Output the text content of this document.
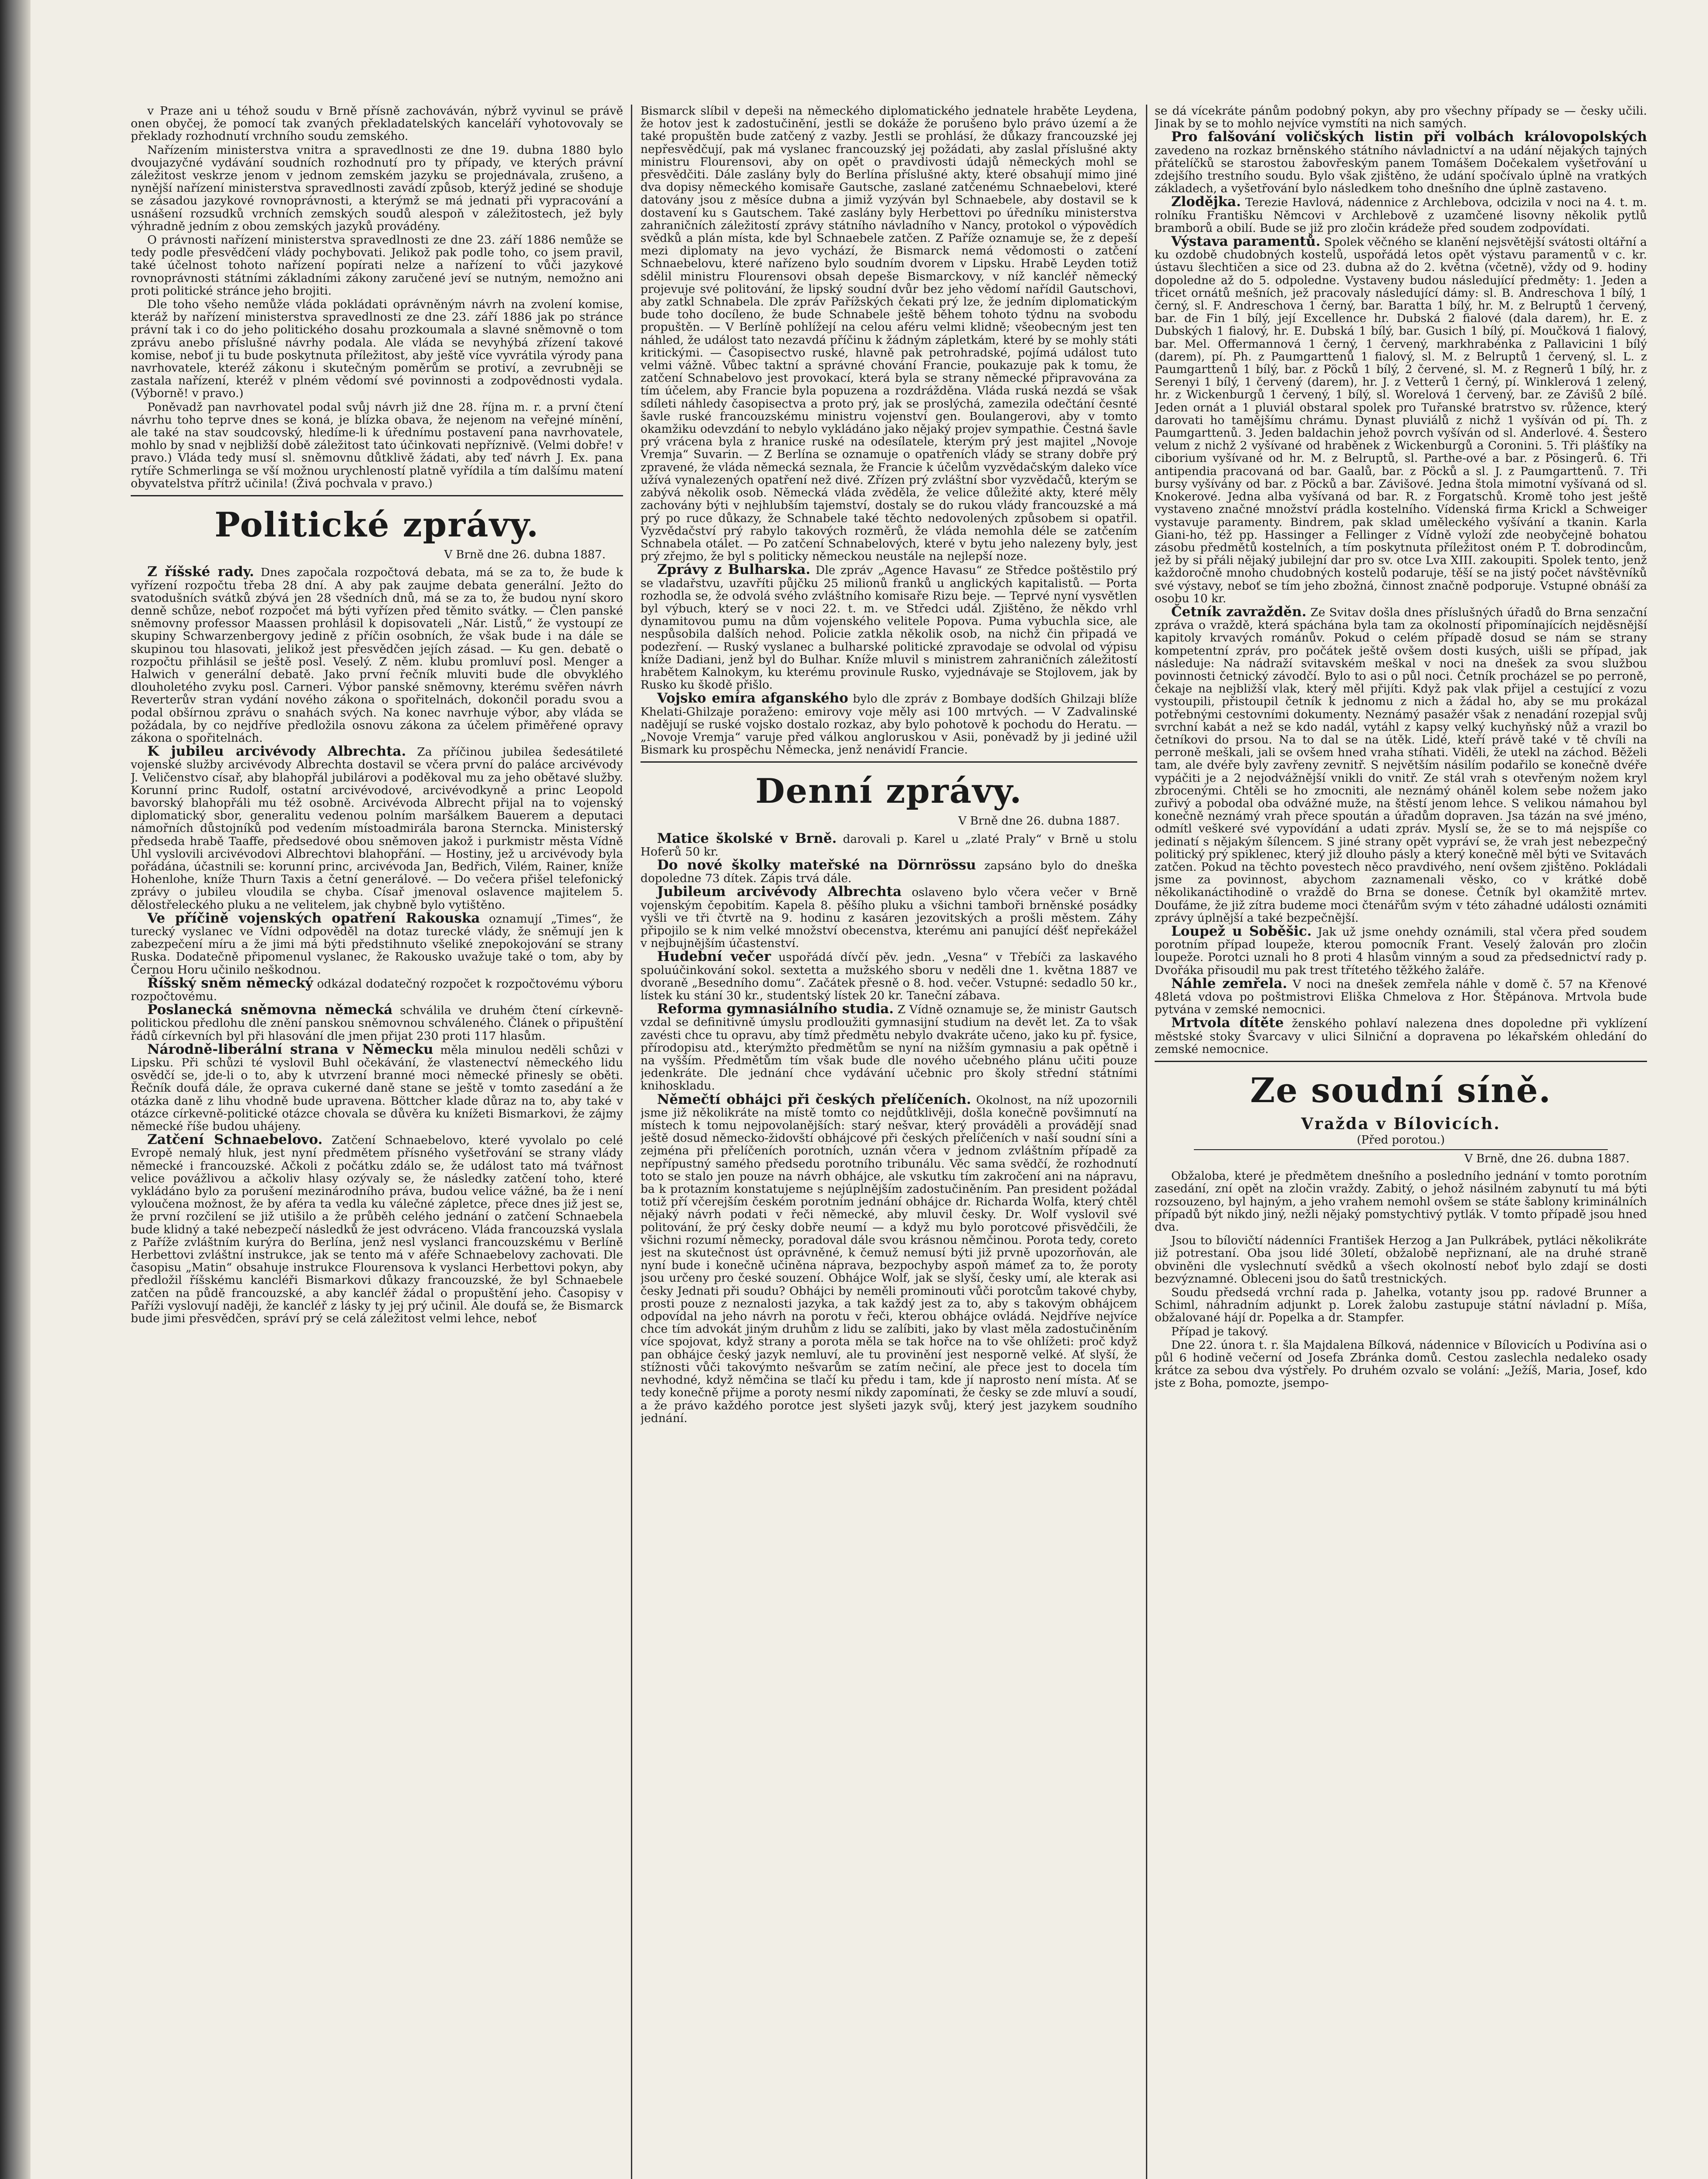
v Praze ani u téhož soudu v Brně přísně zachováván, nýbrž vyvinul se právě onen obyčej, že pomocí tak zvaných překladatelských kanceláří vyhotovovaly se překlady rozhodnutí vrchního soudu zemského.

Nařízením ministerstva vnitra a spravedlnosti ze dne 19. dubna 1880 bylo dvoujazyčné vydávání soudních rozhodnutí pro ty případy, ve kterých právní záležitost veskrze jenom v jednom zemském jazyku se projednávala, zrušeno, a nynější nařízení ministerstva spravedlnosti zavádí způsob, kterýž jediné se shoduje se zásadou jazykové rovnoprávnosti, a kterýmž se má jednati při vypracování a usnášení rozsudků vrchních zemských soudů alespoň v záležitostech, jež byly výhradně jedním z obou zemských jazyků provádény.

O právnosti nařízení ministerstva spravedlnosti ze dne 23. září 1886 nemůže se tedy podle přesvědčení vlády pochybovati. Jelikož pak podle toho, co jsem pravil, také účelnost tohoto nařízení popírati nelze a nařízení to vůči jazykové rovnoprávnosti státními základními zákony zaručené jeví se nutným, nemožno ani proti politické stránce jeho brojiti.

Dle toho všeho nemůže vláda pokládati oprávněným návrh na zvolení komise, kteráž by nařízení ministerstva spravedlnosti ze dne 23. září 1886 jak po stránce právní tak i co do jeho politického dosahu prozkoumala a slavné sněmovně o tom zprávu anebo příslušné návrhy podala. Ale vláda se nevyhýbá zřízení takové komise, neboť ji tu bude poskytnuta příležitost, aby ještě více vyvrátila výrody pana navrhovatele, kteréž zákonu i skutečným poměrům se protiví, a zevrubněji se zastala nařízení, kteréž v plném vědomí své povinnosti a zodpovědnosti vydala. (Výborně! v pravo.)

Poněvadž pan navrhovatel podal svůj návrh již dne 28. října m. r. a první čtení návrhu toho teprve dnes se koná, je blízka obava, že nejenom na veřejné mínění, ale také na stav soudcovský, hledíme-li k úřednímu postavení pana navrhovatele, mohlo by snad v nejbližší době záležitost tato účinkovati nepříznivě. (Velmi dobře! v pravo.) Vláda tedy musí sl. sněmovnu důtklivě žádati, aby teď návrh J. Ex. pana rytíře Schmerlinga se vší možnou urychleností platně vyřídila a tím dalšímu matení obyvatelstva přítrž učinila! (Živá pochvala v pravo.)

Politické zprávy.
V Brně dne 26. dubna 1887.

Z říšské rady. Dnes započala rozpočtová debata, má se za to, že bude k vyřízení rozpočtu třeba 28 dní. A aby pak zaujme debata generální. Ježto do svatodušních svátků zbývá jen 28 všedních dnů, má se za to, že budou nyní skoro denně schůze, neboť rozpočet má býti vyřízen před těmito svátky. — Člen panské sněmovny professor Maassen prohlásil k dopisovateli „Nár. Listů,“ že vystoupí ze skupiny Schwarzenbergovy jedině z příčin osobních, že však bude i na dále se skupinou tou hlasovati, jelikož jest přesvědčen jejích zásad. — Ku gen. debatě o rozpočtu přihlásil se ještě posl. Veselý. Z něm. klubu promluví posl. Menger a Halwich v generální debatě. Jako první řečník mluviti bude dle obvyklého dlouholetého zvyku posl. Carneri. Výbor panské sněmovny, kterému svěřen návrh Reverterův stran vydání nového zákona o spořitelnách, dokončil poradu svou a podal obšírnou zprávu o snahách svých. Na konec navrhuje výbor, aby vláda se požádala, by co nejdříve předložila osnovu zákona za účelem přiměřené opravy zákona o spořitelnách.

K jubileu arcivévody Albrechta. Za příčinou jubilea šedesátileté vojenské služby arcivévody Albrechta dostavil se včera první do paláce arcivévody J. Veličenstvo císař, aby blahopřál jubilárovi a poděkoval mu za jeho obětavé služby. Korunní princ Rudolf, ostatní arcivévodové, arcivévodkyně a princ Leopold bavorský blahopřáli mu též osobně. Arcivévoda Albrecht přijal na to vojenský diplomatický sbor, generalitu vedenou polním maršálkem Bauerem a deputaci námořních důstojníků pod vedením místoadmirála barona Sterncka. Ministerský předseda hrabě Taaffe, předsedové obou sněmoven jakož i purkmistr města Vídně Uhl vyslovili arcivévodovi Albrechtovi blahopřání. — Hostiny, jež u arcivévody byla pořádána, účastnili se: korunní princ, arcivévoda Jan, Bedřich, Vilém, Rainer, kníže Hohenlohe, kníže Thurn Taxis a četní generálové. — Do večera přišel telefonický zprávy o jubileu vloudila se chyba. Císař jmenoval oslavence majitelem 5. dělostřeleckého pluku a ne velitelem, jak chybně bylo vytištěno.

Ve příčině vojenských opatření Rakouska oznamují „Times“, že turecký vyslanec ve Vídni odpověděl na dotaz turecké vlády, že sněmují jen k zabezpečení míru a že jimi má býti předstihnuto všeliké znepokojování se strany Ruska. Dodatečně připomenul vyslanec, že Rakousko uvažuje také o tom, aby by Černou Horu učinilo neškodnou.

Říšský sněm německý odkázal dodatečný rozpočet k rozpočtovému výboru rozpočtovému.

Poslanecká sněmovna německá schválila ve druhém čtení církevně-politickou předlohu dle znění panskou sněmovnou schváleného. Článek o připuštění řádů církevních byl při hlasování dle jmen přijat 230 proti 117 hlasům.

Národně-liberální strana v Německu měla minulou neděli schůzi v Lipsku. Při schůzi té vyslovil Buhl očekávání, že vlastenectví německého lidu osvědčí se, jde-li o to, aby k utvrzení branné moci německé přinesly se oběti. Řečník doufá dále, že oprava cukerné daně stane se ještě v tomto zasedání a že otázka daně z lihu vhodně bude upravena. Böttcher klade důraz na to, aby také v otázce církevně-politické otázce chovala se důvěra ku knížeti Bismarkovi, že zájmy německé říše budou uhájeny.

Zatčení Schnaebelovo. Zatčení Schnaebelovo, které vyvolalo po celé Evropě nemalý hluk, jest nyní předmětem přísného vyšetřování se strany vlády německé i francouzské. Ačkoli z počátku zdálo se, že událost tato má tvářnost velice povážlivou a ačkoliv hlasy ozývaly se, že následky zatčení toho, které vykládáno bylo za porušení mezinárodního práva, budou velice vážné, ba že i není vyloučena možnost, že by aféra ta vedla ku válečné zápletce, přece dnes již jest se, že první rozčilení se již utišilo a že průběh celého jednání o zatčení Schnaebela bude klidný a také nebezpečí následků že jest odvráceno. Vláda francouzská vyslala z Paříže zvláštním kurýra do Berlína, jenž nesl vyslanci francouzskému v Berlíně Herbettovi zvláštní instrukce, jak se tento má v aféře Schnaebelovy zachovati. Dle časopisu „Matin“ obsahuje instrukce Flourensova k vyslanci Herbettovi pokyn, aby předložil říšskému kancléři Bismarkovi důkazy francouzské, že byl Schnaebele zatčen na půdě francouzské, a aby kancléř žádal o propuštění jeho. Časopisy v Paříži vyslovují naději, že kancléř z lásky ty jej prý učinil. Ale doufá se, že Bismarck bude jimi přesvědčen, správí prý se celá záležitost velmi lehce, neboť

Bismarck slíbil v depeši na německého diplomatického jednatele hraběte Leydena, že hotov jest k zadostučinění, jestli se dokáže že porušeno bylo právo území a že také propuštěn bude zatčený z vazby. Jestli se prohlásí, že důkazy francouzské jej nepřesvědčují, pak má vyslanec francouzský jej požádati, aby zaslal příslušné akty ministru Flourensovi, aby on opět o pravdivosti údajů německých mohl se přesvědčiti. Dále zaslány byly do Berlína příslušné akty, které obsahují mimo jiné dva dopisy německého komisaře Gautsche, zaslané zatčenému Schnaebelovi, které datovány jsou z měsíce dubna a jimiž vyzýván byl Schnaebele, aby dostavil se k dostavení ku s Gautschem. Také zaslány byly Herbettovi po úředníku ministerstva zahraničních záležitostí zprávy státního návladního v Nancy, protokol o výpovědích svědků a plán místa, kde byl Schnaebele zatčen. Z Paříže oznamuje se, že z depeší mezi diplomaty na jevo vychází, že Bismarck nemá vědomosti o zatčení Schnaebelovu, které nařízeno bylo soudním dvorem v Lipsku. Hrabě Leyden totiž sdělil ministru Flourensovi obsah depeše Bismarckovy, v níž kancléř německý projevuje své politování, že lipský soudní dvůr bez jeho vědomí nařídil Gautschovi, aby zatkl Schnabela. Dle zpráv Pařížských čekati prý lze, že jedním diplomatickým bude toho docíleno, že bude Schnabele ještě během tohoto týdnu na svobodu propuštěn. — V Berlíně pohlížejí na celou aféru velmi klidně; všeobecným jest ten náhled, že událost tato nezavdá příčinu k žádným zápletkám, které by se mohly státi kritickými. — Časopisectvo ruské, hlavně pak petrohradské, pojímá událost tuto velmi vážně. Vůbec taktní a správné chování Francie, poukazuje pak k tomu, že zatčení Schnabelovo jest provokací, která byla se strany německé připravována za tím účelem, aby Francie byla popuzena a rozdrážděna. Vláda ruská nezdá se však sdíleti náhledy časopisectva a proto prý, jak se proslýchá, zamezila odečtání česnté šavle ruské francouzskému ministru vojenství gen. Boulangerovi, aby v tomto okamžiku odevzdání to nebylo vykládáno jako nějaký projev sympathie. Čestná šavle prý vrácena byla z hranice ruské na odesílatele, kterým prý jest majitel „Novoje Vremja“ Suvarin. — Z Berlína se oznamuje o opatřeních vlády se strany dobře prý zpravené, že vláda německá seznala, že Francie k účelům vyzvědačským daleko více užívá vynalezených opatření než divé. Zřízen prý zvláštní sbor vyzvědačů, kterým se zabývá několik osob. Německá vláda zvěděla, že velice důležité akty, které měly zachovány býti v nejhlubším tajemství, dostaly se do rukou vlády francouzské a má prý po ruce důkazy, že Schnabele také těchto nedovolených způsobem si opatřil. Vyzvědačství prý rabylo takových rozměrů, že vláda nemohla déle se zatčením Schnabela otálet. — Po zatčení Schnabelových, které v bytu jeho nalezeny byly, jest prý zřejmo, že byl s politicky německou neustále na nejlepší noze.

Zprávy z Bulharska. Dle zpráv „Agence Havasu“ ze Středce poštěstilo prý se vladařstvu, uzavříti půjčku 25 milionů franků u anglických kapitalistů. — Porta rozhodla se, že odvolá svého zvláštního komisaře Rizu beje. — Teprvé nyní vysvětlen byl výbuch, který se v noci 22. t. m. ve Středci udál. Zjištěno, že někdo vrhl dynamitovou pumu na dům vojenského velitele Popova. Puma vybuchla sice, ale nespůsobila dalších nehod. Policie zatkla několik osob, na nichž čin připadá ve podezření. — Ruský vyslanec a bulharské politické zpravodaje se odvolal od výpisu kníže Dadiani, jenž byl do Bulhar. Kníže mluvil s ministrem zahraničních záležitostí hrabětem Kalnokym, ku kterému provinule Rusko, vyjednávaje se Stojlovem, jak by Rusko ku škodě přišlo.

Vojsko emíra afganského bylo dle zpráv z Bombaye dodších Ghilzaji blíže Khelati-Ghilzaje poraženo: emirovy voje měly asi 100 mrtvých. — V Zadvalinské nadějují se ruské vojsko dostalo rozkaz, aby bylo pohotově k pochodu do Heratu. — „Novoje Vremja“ varuje před válkou angloruskou v Asii, poněvadž by ji jediné užil Bismark ku prospěchu Německa, jenž nenávidí Francie.

Denní zprávy.
V Brně dne 26. dubna 1887.

Matice školské v Brně. darovali p. Karel u „zlaté Praly“ v Brně u stolu Hoferů 50 kr.

Do nové školky mateřské na Dörnrössu zapsáno bylo do dneška dopoledne 73 dítek. Zápis trvá dále.

Jubileum arcivévody Albrechta oslaveno bylo včera večer v Brně vojenským čepobitím. Kapela 8. pěšího pluku a všichni tamboři brněnské posádky vyšli ve tři čtvrtě na 9. hodinu z kasáren jezovitských a prošli městem. Záhy připojilo se k nim velké množství obecenstva, kterému ani panující déšť nepřekážel v nejbujnějším účastenství.

Hudební večer uspořádá dívčí pěv. jedn. „Vesna“ v Třebíči za laskavého spoluúčinkování sokol. sextetta a mužského sboru v neděli dne 1. května 1887 ve dvoraně „Besedního domu“. Začátek přesně o 8. hod. večer. Vstupné: sedadlo 50 kr., lístek ku stání 30 kr., studentský lístek 20 kr. Taneční zábava.

Reforma gymnasiálního studia. Z Vídně oznamuje se, že ministr Gautsch vzdal se definitivně úmyslu prodloužiti gymnasijní studium na devět let. Za to však zavésti chce tu opravu, aby tímž předmětu nebylo dvakráte učeno, jako ku př. fysice, přírodopisu atd., kterýmžto předmětům se nyní na nižším gymnasiu a pak opětně i na vyšším. Předmětům tím však bude dle nového učebného plánu učiti pouze jedenkráte. Dle jednání chce vydávání učebnic pro školy střední státními knihoskladu.

Němečtí obhájci při českých přelíčeních. Okolnost, na níž upozornili jsme již několikráte na místě tomto co nejdůtklivěji, došla konečně povšimnutí na místech k tomu nejpovolanějších: starý nešvar, který prováděli a provádějí snad ještě dosud německo-židovští obhájcové při českých přelíčeních v naší soudní síni a zejména při přelíčeních porotních, uznán včera v jednom zvláštním případě za nepřípustný samého předsedu porotního tribunálu. Věc sama svědčí, že rozhodnutí toto se stalo jen pouze na návrh obhájce, ale vskutku tím zakročení ani na nápravu, ba k protazním konstatujeme s nejúplnějším zadostučiněním. Pan president požádal totiž pří včerejším českém porotním jednání obhájce dr. Richarda Wolfa, který chtěl nějaký návrh podati v řeči německé, aby mluvil česky. Dr. Wolf vyslovil své politování, že prý česky dobře neumí — a když mu bylo porotcové přisvědčili, že všichni rozumí německy, poradoval dále svou krásnou němčinou. Porota tedy, coreto jest na skutečnost úst oprávněné, k čemuž nemusí býti již prvně upozorňován, ale nyní bude i konečně učiněna náprava, bezpochyby aspoň mámeť za to, že poroty jsou určeny pro české souzení. Obhájce Wolf, jak se slyší, česky umí, ale kterak asi česky Jednati při soudu? Obhájci by neměli prominouti vůči porotcům takové chyby, prosti pouze z neznalosti jazyka, a tak každý jest za to, aby s takovým obhájcem odpovídal na jeho návrh na porotu v řeči, kterou obhájce ovládá. Nejdříve nejvíce chce tím advokát jiným druhům z lidu se zalíbiti, jako by vlast měla zadostučiněním více spojovat, když strany a porota měla se tak hořce na to vše ohlížeti: proč když pan obhájce český jazyk nemluví, ale tu provinění jest nesporně velké. Ať slyší, že stížnosti vůči takovýmto nešvarům se zatím nečiní, ale přece jest to docela tím nevhodné, když němčina se tlačí ku předu i tam, kde jí naprosto není místa. Ať se tedy konečně přijme a poroty nesmí nikdy zapomínati, že česky se zde mluví a soudí, a že právo každého porotce jest slyšeti jazyk svůj, který jest jazykem soudního jednání.

se dá vícekráte pánům podobný pokyn, aby pro všechny případy se — česky učili. Jinak by se to mohlo nejvíce vymstíti na nich samých.

Pro falšování voličských listin při volbách královopolských zavedeno na rozkaz brněnského státního návladnictví a na udání nějakých tajných přátelíčků se starostou žabovřeským panem Tomášem Dočekalem vyšetřování u zdejšího trestního soudu. Bylo však zjištěno, že udání spočívalo úplně na vratkých základech, a vyšetřování bylo následkem toho dnešního dne úplně zastaveno.

Zlodějka. Terezie Havlová, nádennice z Archlebova, odcizila v noci na 4. t. m. rolníku Františku Němcovi v Archlebově z uzamčené lisovny několik pytlů bramborů a obilí. Bude se již pro zločin krádeže před soudem zodpovídati.

Výstava paramentů. Spolek věčného se klanění nejsvětější svátosti oltářní a ku ozdobě chudobných kostelů, uspořádá letos opět výstavu paramentů v c. kr. ústavu šlechtičen a sice od 23. dubna až do 2. května (včetně), vždy od 9. hodiny dopoledne až do 5. odpoledne. Vystaveny budou následující předměty: 1. Jeden a třicet ornátů mešních, jež pracovaly následující dámy: sl. B. Andreschova 1 bílý, 1 černý, sl. F. Andreschova 1 černý, bar. Baratta 1 bílý, hr. M. z Belruptů 1 červený, bar. de Fin 1 bílý, její Excellence hr. Dubská 2 fialové (dala darem), hr. E. z Dubských 1 fialový, hr. E. Dubská 1 bílý, bar. Gusich 1 bílý, pí. Moučková 1 fialový, bar. Mel. Offermannová 1 černý, 1 červený, markhrabénka z Pallavicini 1 bílý (darem), pí. Ph. z Paumgarttenů 1 fialový, sl. M. z Belruptů 1 červený, sl. L. z Paumgarttenů 1 bílý, bar. z Pöcků 1 bílý, 2 červené, sl. M. z Regnerů 1 bílý, hr. z Serenyi 1 bílý, 1 červený (darem), hr. J. z Vetterů 1 černý, pí. Winklerová 1 zelený, hr. z Wickenburgů 1 červený, 1 bílý, sl. Worelová 1 červený, bar. ze Závišů 2 bílé. Jeden ornát a 1 pluviál obstaral spolek pro Tuřanské bratrstvo sv. růžence, který darovati ho tamějšímu chrámu. Dynast pluviálů z nichž 1 vyšíván od pí. Th. z Paumgarttenů. 3. Jeden baldachin jehož povrch vyšíván od sl. Anderlové. 4. Šestero velum z nichž 2 vyšívané od hraběnek z Wickenburgů a Coronini. 5. Tři plášťíky na ciborium vyšívané od hr. M. z Belruptů, sl. Parthe-ové a bar. z Pösingerů. 6. Tři antipendia pracovaná od bar. Gaalů, bar. z Pöcků a sl. J. z Paumgarttenů. 7. Tři bursy vyšívány od bar. z Pöcků a bar. Závišové. Jedna štola mimotní vyšívaná od sl. Knokerové. Jedna alba vyšívaná od bar. R. z Forgatschů. Kromě toho jest ještě vystaveno značné množství prádla kostelního. Vídenská firma Krickl a Schweiger vystavuje paramenty. Bindrem, pak sklad uměleckého vyšívání a tkanin. Karla Giani-ho, též pp. Hassinger a Fellinger z Vídně vyloží zde neobyčejně bohatou zásobu předmětů kostelních, a tím poskytnuta příležitost oném P. T. dobrodincům, jež by si přáli nějaký jubilejní dar pro sv. otce Lva XIII. zakoupiti. Spolek tento, jenž každoročně mnoho chudobných kostelů podaruje, těší se na jistý počet návštěvníků své výstavy, neboť se tím jeho zbožná, činnost značně podporuje. Vstupné obnáší za osobu 10 kr.

Četník zavražděn. Ze Svitav došla dnes příslušných úřadů do Brna senzační zpráva o vraždě, která spáchána byla tam za okolností připomínajících nejděsnější kapitoly krvavých románův. Pokud o celém případě dosud se nám se strany kompetentní zpráv, pro počátek ještě ovšem dosti kusých, uišli se případ, jak následuje: Na nádraží svitavském meškal v noci na dnešek za svou službou povinnosti četnický závodčí. Bylo to asi o půl noci. Četník procházel se po perroně, čekaje na nejbližší vlak, který měl přijíti. Když pak vlak přijel a cestující z vozu vystoupili, přistoupil četník k jednomu z nich a žádal ho, aby se mu prokázal potřebnými cestovními dokumenty. Neznámý pasažér však z nenadání rozepjal svůj svrchní kabát a než se kdo nadál, vytáhl z kapsy velký kuchyňský nůž a vrazil bo četníkovi do prsou. Na to dal se na útěk. Lidé, kteří právě také v tě chvíli na perroně meškali, jali se ovšem hned vraha stíhati. Viděli, že utekl na záchod. Běželi tam, ale dvéře byly zavřeny zevnitř. S největším násilím podařilo se konečně dvéře vypáčiti je a 2 nejodvážnější vnikli do vnitř. Ze stál vrah s otevřeným nožem kryl zbrocenými. Chtěli se ho zmocniti, ale neznámý oháněl kolem sebe nožem jako zuřivý a pobodal oba odvážné muže, na štěstí jenom lehce. S velikou námahou byl konečně neznámý vrah přece spoután a úřadům dopraven. Jsa tázán na své jméno, odmítl veškeré své vypovídání a udati zpráv. Myslí se, že se to má nejspíše co jedinatí s nějakým šílencem. S jiné strany opět vypráví se, že vrah jest nebezpečný politický prý spiklenec, který již dlouho pásly a který konečně měl býti ve Svitavách zatčen. Pokud na těchto povestech něco pravdivého, není ovšem zjištěno. Pokládali jsme za povinnost, abychom zaznamenali věsko, co v krátké době několikanáctihodině o vraždě do Brna se donese. Četník byl okamžitě mrtev. Doufáme, že již zítra budeme moci čtenářům svým v této záhadné události oznámiti zprávy úplnější a také bezpečnější.

Loupež u Soběšic. Jak už jsme onehdy oznámili, stal včera před soudem porotním případ loupeže, kterou pomocník Frant. Veselý žalován pro zločin loupeže. Porotci uznali ho 8 proti 4 hlasům vinným a soud za předsednictví rady p. Dvořáka přisoudil mu pak trest třítetého těžkého žaláře.

Náhle zemřela. V noci na dnešek zemřela náhle v domě č. 57 na Křenové 48letá vdova po poštmistrovi Eliška Chmelova z Hor. Štěpánova. Mrtvola bude pytvána v zemské nemocnici.

Mrtvola dítěte ženského pohlaví nalezena dnes dopoledne při vyklízení městské stoky Švarcavy v ulici Silniční a dopravena po lékařském ohledání do zemské nemocnice.

Ze soudní síně.
Vražda v Bílovicích.
(Před porotou.)
V Brně, dne 26. dubna 1887.

Obžaloba, které je předmětem dnešního a posledního jednání v tomto porotním zasedání, zní opět na zločin vraždy. Zabitý, o jehož násilném zabynutí tu má býti rozsouzeno, byl hajným, a jeho vrahem nemohl ovšem se státe šablony kriminálních případů být nikdo jiný, nežli nějaký pomstychtivý pytlák. V tomto případě jsou hned dva.

Jsou to bílovičtí nádenníci František Herzog a Jan Pulkrábek, pytláci několikráte již potrestaní. Oba jsou lidé 30letí, obžalobě nepřiznaní, ale na druhé straně obviněni dle vyslechnutí svědků a všech okolností neboť bylo zdají se dosti bezvýznamné. Obleceni jsou do šatů trestnických.

Soudu předsedá vrchní rada p. Jahelka, votanty jsou pp. radové Brunner a Schiml, náhradním adjunkt p. Lorek žalobu zastupuje státní návladní p. Míša, obžalované hájí dr. Popelka a dr. Stampfer.

Případ je takový.

Dne 22. února t. r. šla Majdalena Bílková, nádennice v Bílovicích u Podivína asi o půl 6 hodině večerní od Josefa Zbránka domů. Cestou zaslechla nedaleko osady krátce za sebou dva výstřely. Po druhém ozvalo se volání: „Ježíš, Maria, Josef, kdo jste z Boha, pomozte, jsempo-
